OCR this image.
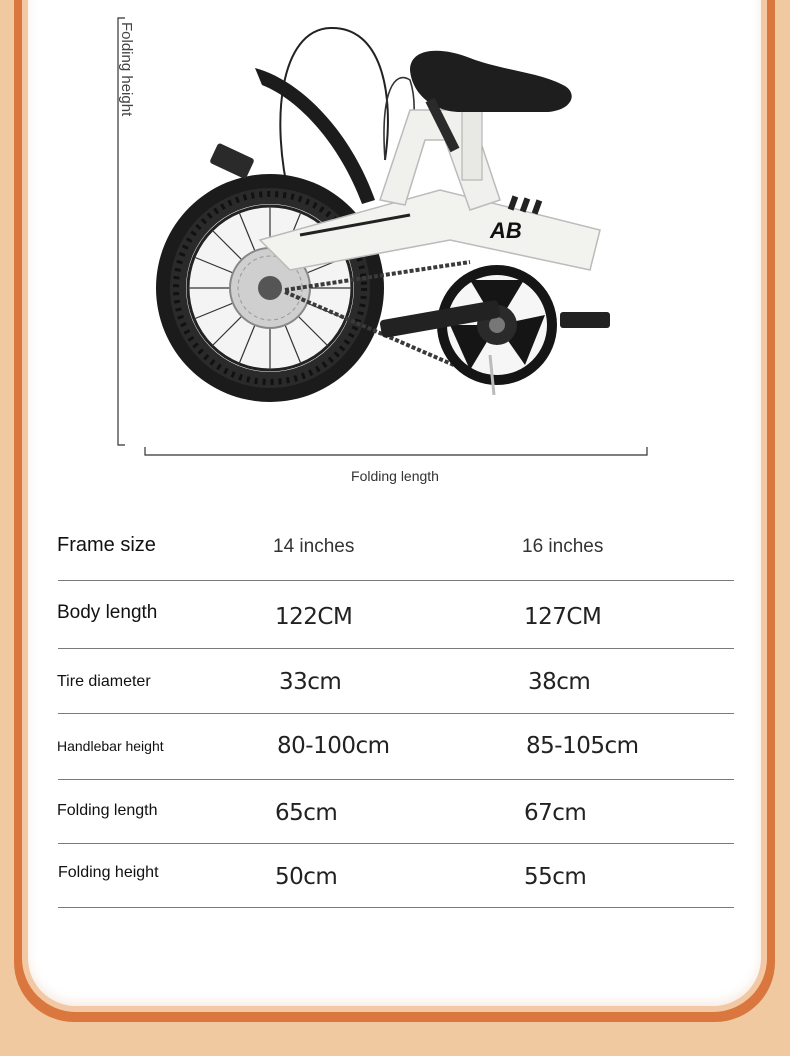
AB
Folding height
Folding length
Frame size	14 inches	16 inches
Body length	122CM	127CM
Tire diameter	33cm	38cm
Handlebar height	80-100cm	85-105cm
Folding length	65cm	67cm
Folding height	50cm	55cm
